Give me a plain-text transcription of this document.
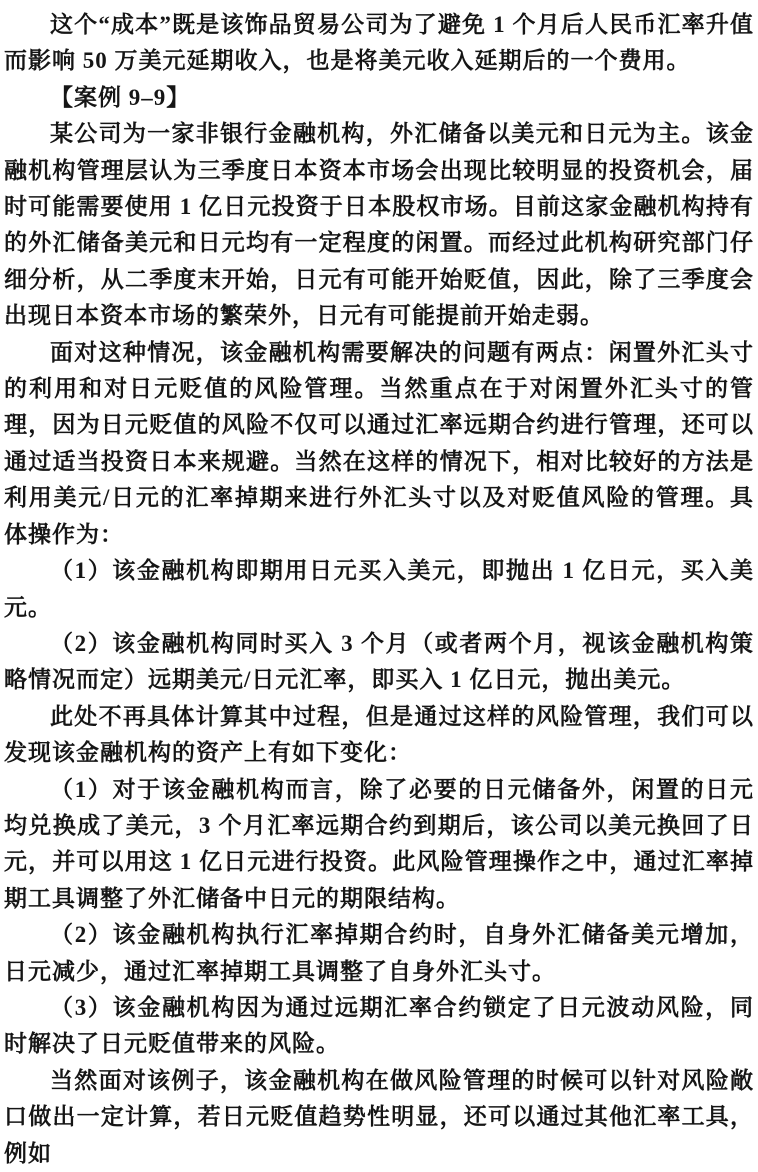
这个“成本”既是该饰品贸易公司为了避免 1 个月后人民币汇率升值而影响 50 万美元延期收入，也是将美元收入延期后的一个费用。

【案例 9–9】

某公司为一家非银行金融机构，外汇储备以美元和日元为主。该金融机构管理层认为三季度日本资本市场会出现比较明显的投资机会，届时可能需要使用 1 亿日元投资于日本股权市场。目前这家金融机构持有的外汇储备美元和日元均有一定程度的闲置。而经过此机构研究部门仔细分析，从二季度末开始，日元有可能开始贬值，因此，除了三季度会出现日本资本市场的繁荣外，日元有可能提前开始走弱。

面对这种情况，该金融机构需要解决的问题有两点：闲置外汇头寸的利用和对日元贬值的风险管理。当然重点在于对闲置外汇头寸的管理，因为日元贬值的风险不仅可以通过汇率远期合约进行管理，还可以通过适当投资日本来规避。当然在这样的情况下，相对比较好的方法是利用美元/日元的汇率掉期来进行外汇头寸以及对贬值风险的管理。具体操作为：

（1）该金融机构即期用日元买入美元，即抛出 1 亿日元，买入美元。

（2）该金融机构同时买入 3 个月（或者两个月，视该金融机构策略情况而定）远期美元/日元汇率，即买入 1 亿日元，抛出美元。

此处不再具体计算其中过程，但是通过这样的风险管理，我们可以发现该金融机构的资产上有如下变化：

（1）对于该金融机构而言，除了必要的日元储备外，闲置的日元均兑换成了美元，3 个月汇率远期合约到期后，该公司以美元换回了日元，并可以用这 1 亿日元进行投资。此风险管理操作之中，通过汇率掉期工具调整了外汇储备中日元的期限结构。

（2）该金融机构执行汇率掉期合约时，自身外汇储备美元增加，日元减少，通过汇率掉期工具调整了自身外汇头寸。

（3）该金融机构因为通过远期汇率合约锁定了日元波动风险，同时解决了日元贬值带来的风险。

当然面对该例子，该金融机构在做风险管理的时候可以针对风险敞口做出一定计算，若日元贬值趋势性明显，还可以通过其他汇率工具，例如
